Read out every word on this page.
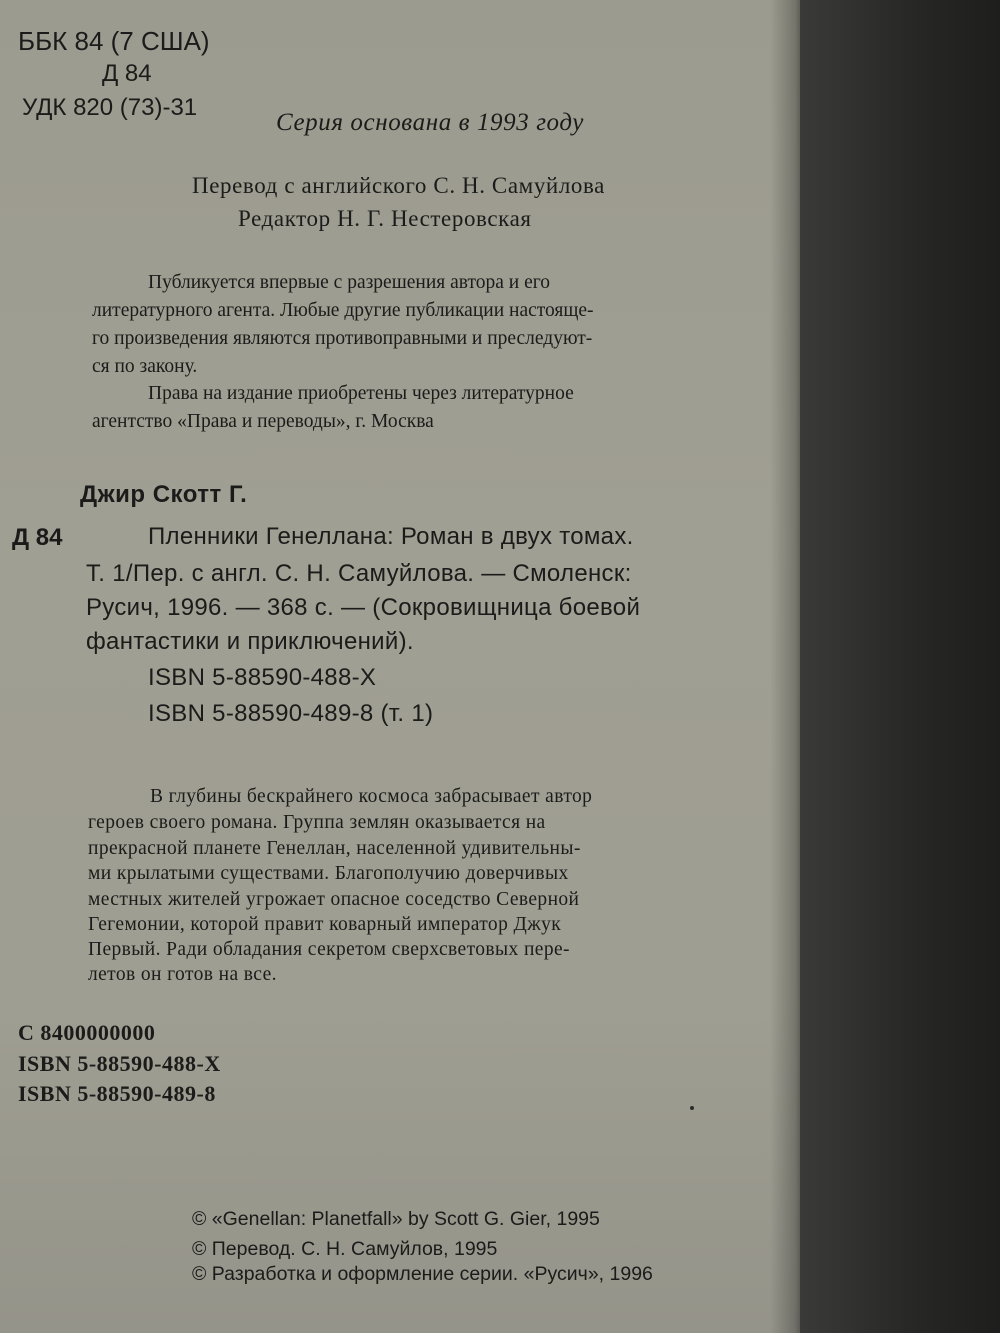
ББК 84 (7 США)

Д 84

УДК 820 (73)-31

Серия основана в 1993 году

Перевод с английского С. Н. Самуйлова

Редактор Н. Г. Нестеровская

Публикуется впервые с разрешения автора и его

литературного агента. Любые другие публикации настояще-

го произведения являются противоправными и преследуют-

ся по закону.

Права на издание приобретены через литературное

агентство «Права и переводы», г. Москва

Джир Скотт Г.

Д 84	Пленники Генеллана: Роман в двух томах.

Т. 1/Пер. с англ. С. Н. Самуйлова. — Смоленск:

Русич, 1996. — 368 с. — (Сокровищница боевой

фантастики и приключений).

ISBN 5-88590-488-Х

ISBN 5-88590-489-8 (т. 1)

В глубины бескрайнего космоса забрасывает автор

героев своего романа. Группа землян оказывается на

прекрасной планете Генеллан, населенной удивительны-

ми крылатыми существами. Благополучию доверчивых

местных жителей угрожает опасное соседство Северной

Гегемонии, которой правит коварный император Джук

Первый. Ради обладания секретом сверхсветовых пере-

летов он готов на все.

С 8400000000

ISBN 5-88590-488-Х

ISBN 5-88590-489-8

© «Genellan: Planetfall» by Scott G. Gier, 1995

© Перевод. С. Н. Самуйлов, 1995

© Разработка и оформление серии. «Русич», 1996
